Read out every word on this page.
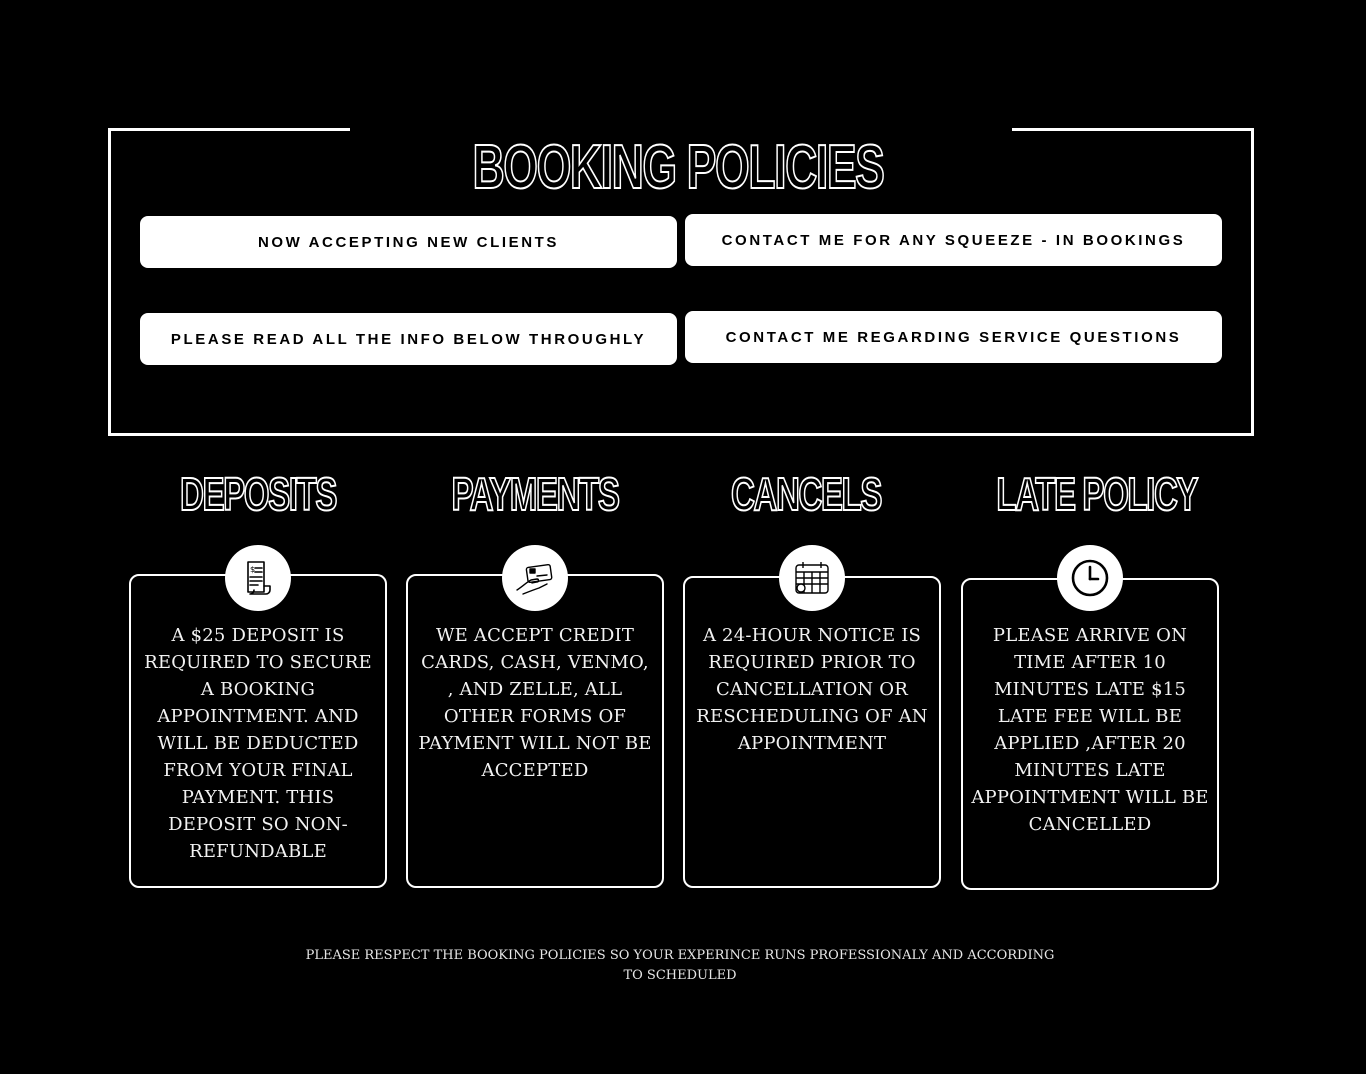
BOOKING POLICIES
NOW ACCEPTING NEW CLIENTS	CONTACT ME FOR ANY SQUEEZE - IN BOOKINGS
PLEASE READ ALL THE INFO BELOW THROUGHLY	CONTACT ME REGARDING SERVICE QUESTIONS
DEPOSITS	PAYMENTS	CANCELS	LATE POLICY
A $25 DEPOSIT IS REQUIRED TO SECURE A BOOKING APPOINTMENT. AND WILL BE DEDUCTED FROM YOUR FINAL PAYMENT. THIS DEPOSIT SO NON-REFUNDABLE
WE ACCEPT CREDIT CARDS, CASH, VENMO, , AND ZELLE, ALL OTHER FORMS OF PAYMENT WILL NOT BE ACCEPTED
A 24-HOUR NOTICE IS REQUIRED PRIOR TO CANCELLATION OR RESCHEDULING OF AN APPOINTMENT
PLEASE ARRIVE ON TIME AFTER 10 MINUTES LATE $15 LATE FEE WILL BE APPLIED ,AFTER 20 MINUTES LATE APPOINTMENT WILL BE CANCELLED
$
PLEASE RESPECT THE BOOKING POLICIES SO YOUR EXPERINCE RUNS PROFESSIONALY AND ACCORDING TO SCHEDULED
